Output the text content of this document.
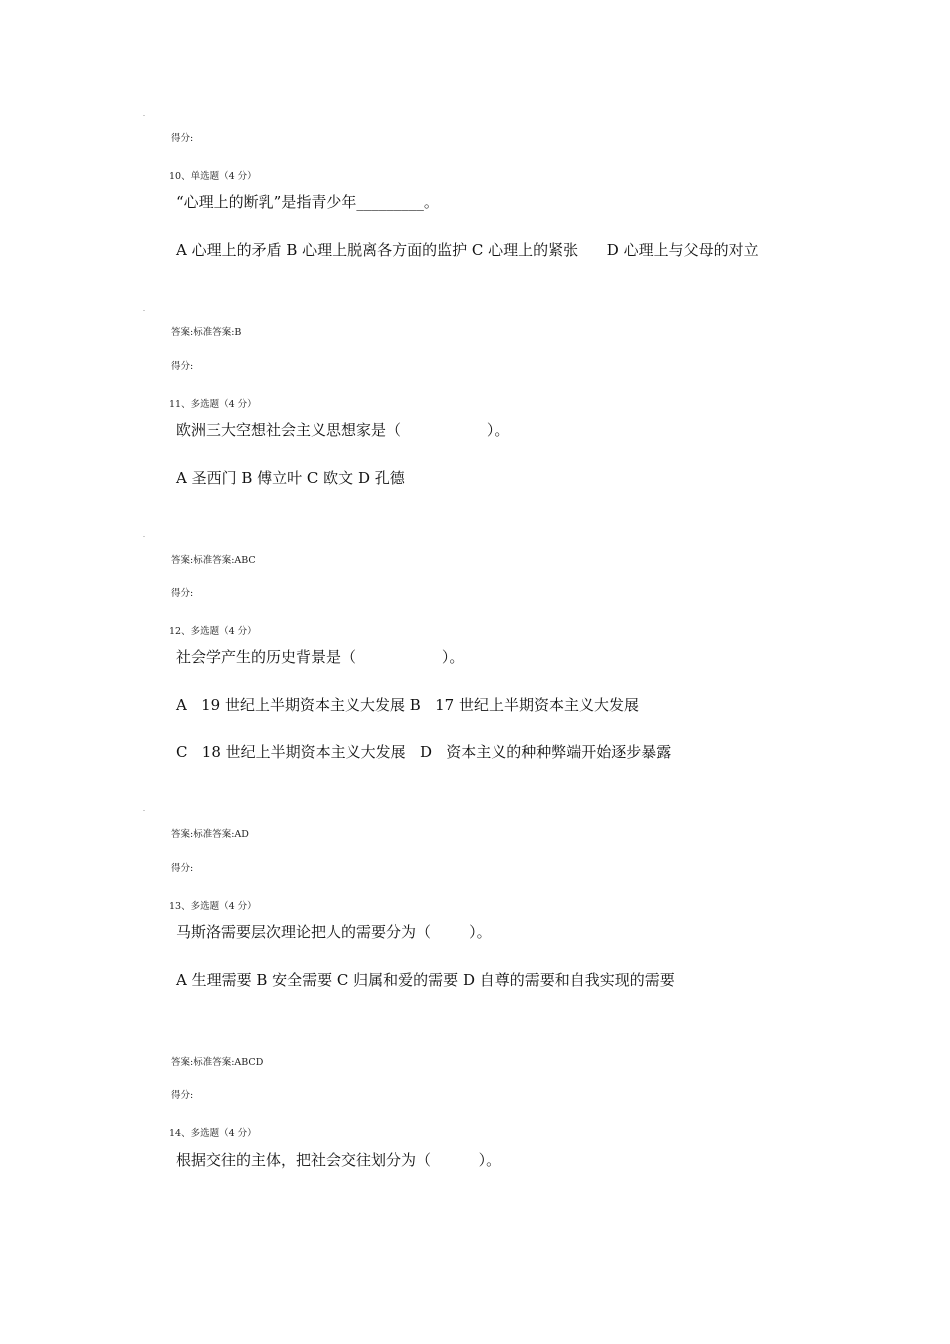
得分:
10、单选题（4 分）
“心理上的断乳”是指青少年_________。
A 心理上的矛盾 B 心理上脱离各方面的监护 C 心理上的紧张      D 心理上与父母的对立
答案:标准答案:B
得分:
11、多选题（4 分）
欧洲三大空想社会主义思想家是（                  ）。
A 圣西门 B 傅立叶 C 欧文 D 孔德
答案:标准答案:ABC
得分:
12、多选题（4 分）
社会学产生的历史背景是（                  ）。
A   19 世纪上半期资本主义大发展 B   17 世纪上半期资本主义大发展
C   18 世纪上半期资本主义大发展   D   资本主义的种种弊端开始逐步暴露
答案:标准答案:AD
得分:
13、多选题（4 分）
马斯洛需要层次理论把人的需要分为（        ）。
A 生理需要 B 安全需要 C 归属和爱的需要 D 自尊的需要和自我实现的需要
答案:标准答案:ABCD
得分:
14、多选题（4 分）
根据交往的主体，把社会交往划分为（          ）。
